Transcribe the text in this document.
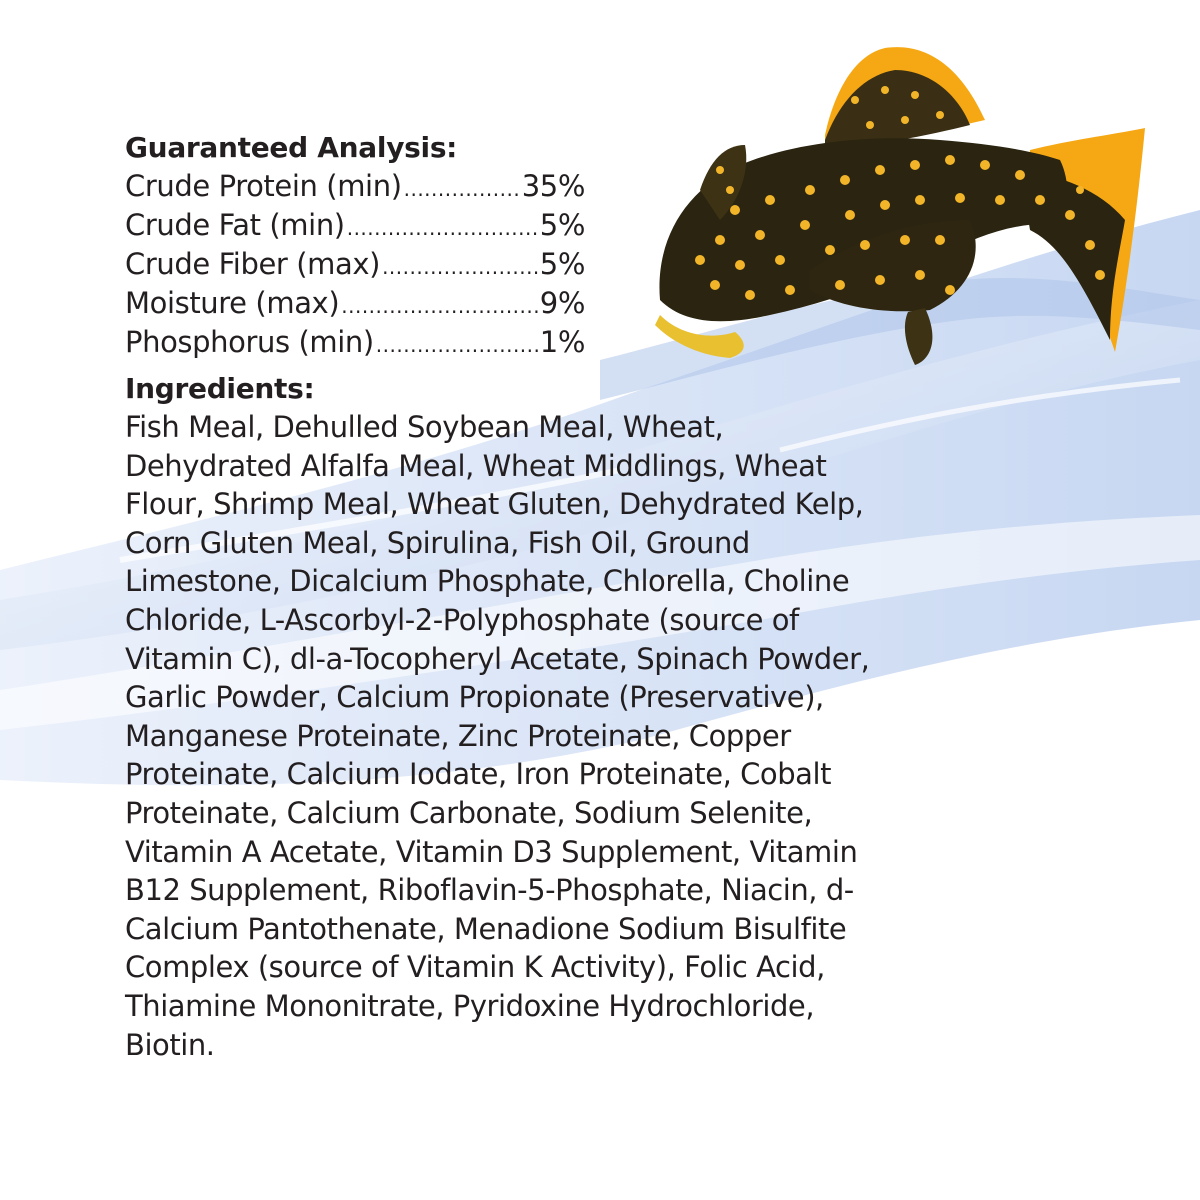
Guaranteed Analysis:
Crude Protein (min) .....	35%
Crude Fat (min) .....	5%
Crude Fiber (max) .....	5%
Moisture (max) .....	9%
Phosphorus (min) .....	1%
Ingredients:
Fish Meal, Dehulled Soybean Meal, Wheat, Dehydrated Alfalfa Meal, Wheat Middlings, Wheat Flour, Shrimp Meal, Wheat Gluten, Dehydrated Kelp, Corn Gluten Meal, Spirulina, Fish Oil, Ground Limestone, Dicalcium Phosphate, Chlorella, Choline Chloride, L-Ascorbyl-2-Polyphosphate (source of Vitamin C), dl-a-Tocopheryl Acetate, Spinach Powder, Garlic Powder, Calcium Propionate (Preservative), Manganese Proteinate, Zinc Proteinate, Copper Proteinate, Calcium Iodate, Iron Proteinate, Cobalt Proteinate, Calcium Carbonate, Sodium Selenite, Vitamin A Acetate, Vitamin D3 Supplement, Vitamin B12 Supplement, Riboflavin-5-Phosphate, Niacin, d-Calcium Pantothenate, Menadione Sodium Bisulfite Complex (source of Vitamin K Activity), Folic Acid, Thiamine Mononitrate, Pyridoxine Hydrochloride, Biotin.
